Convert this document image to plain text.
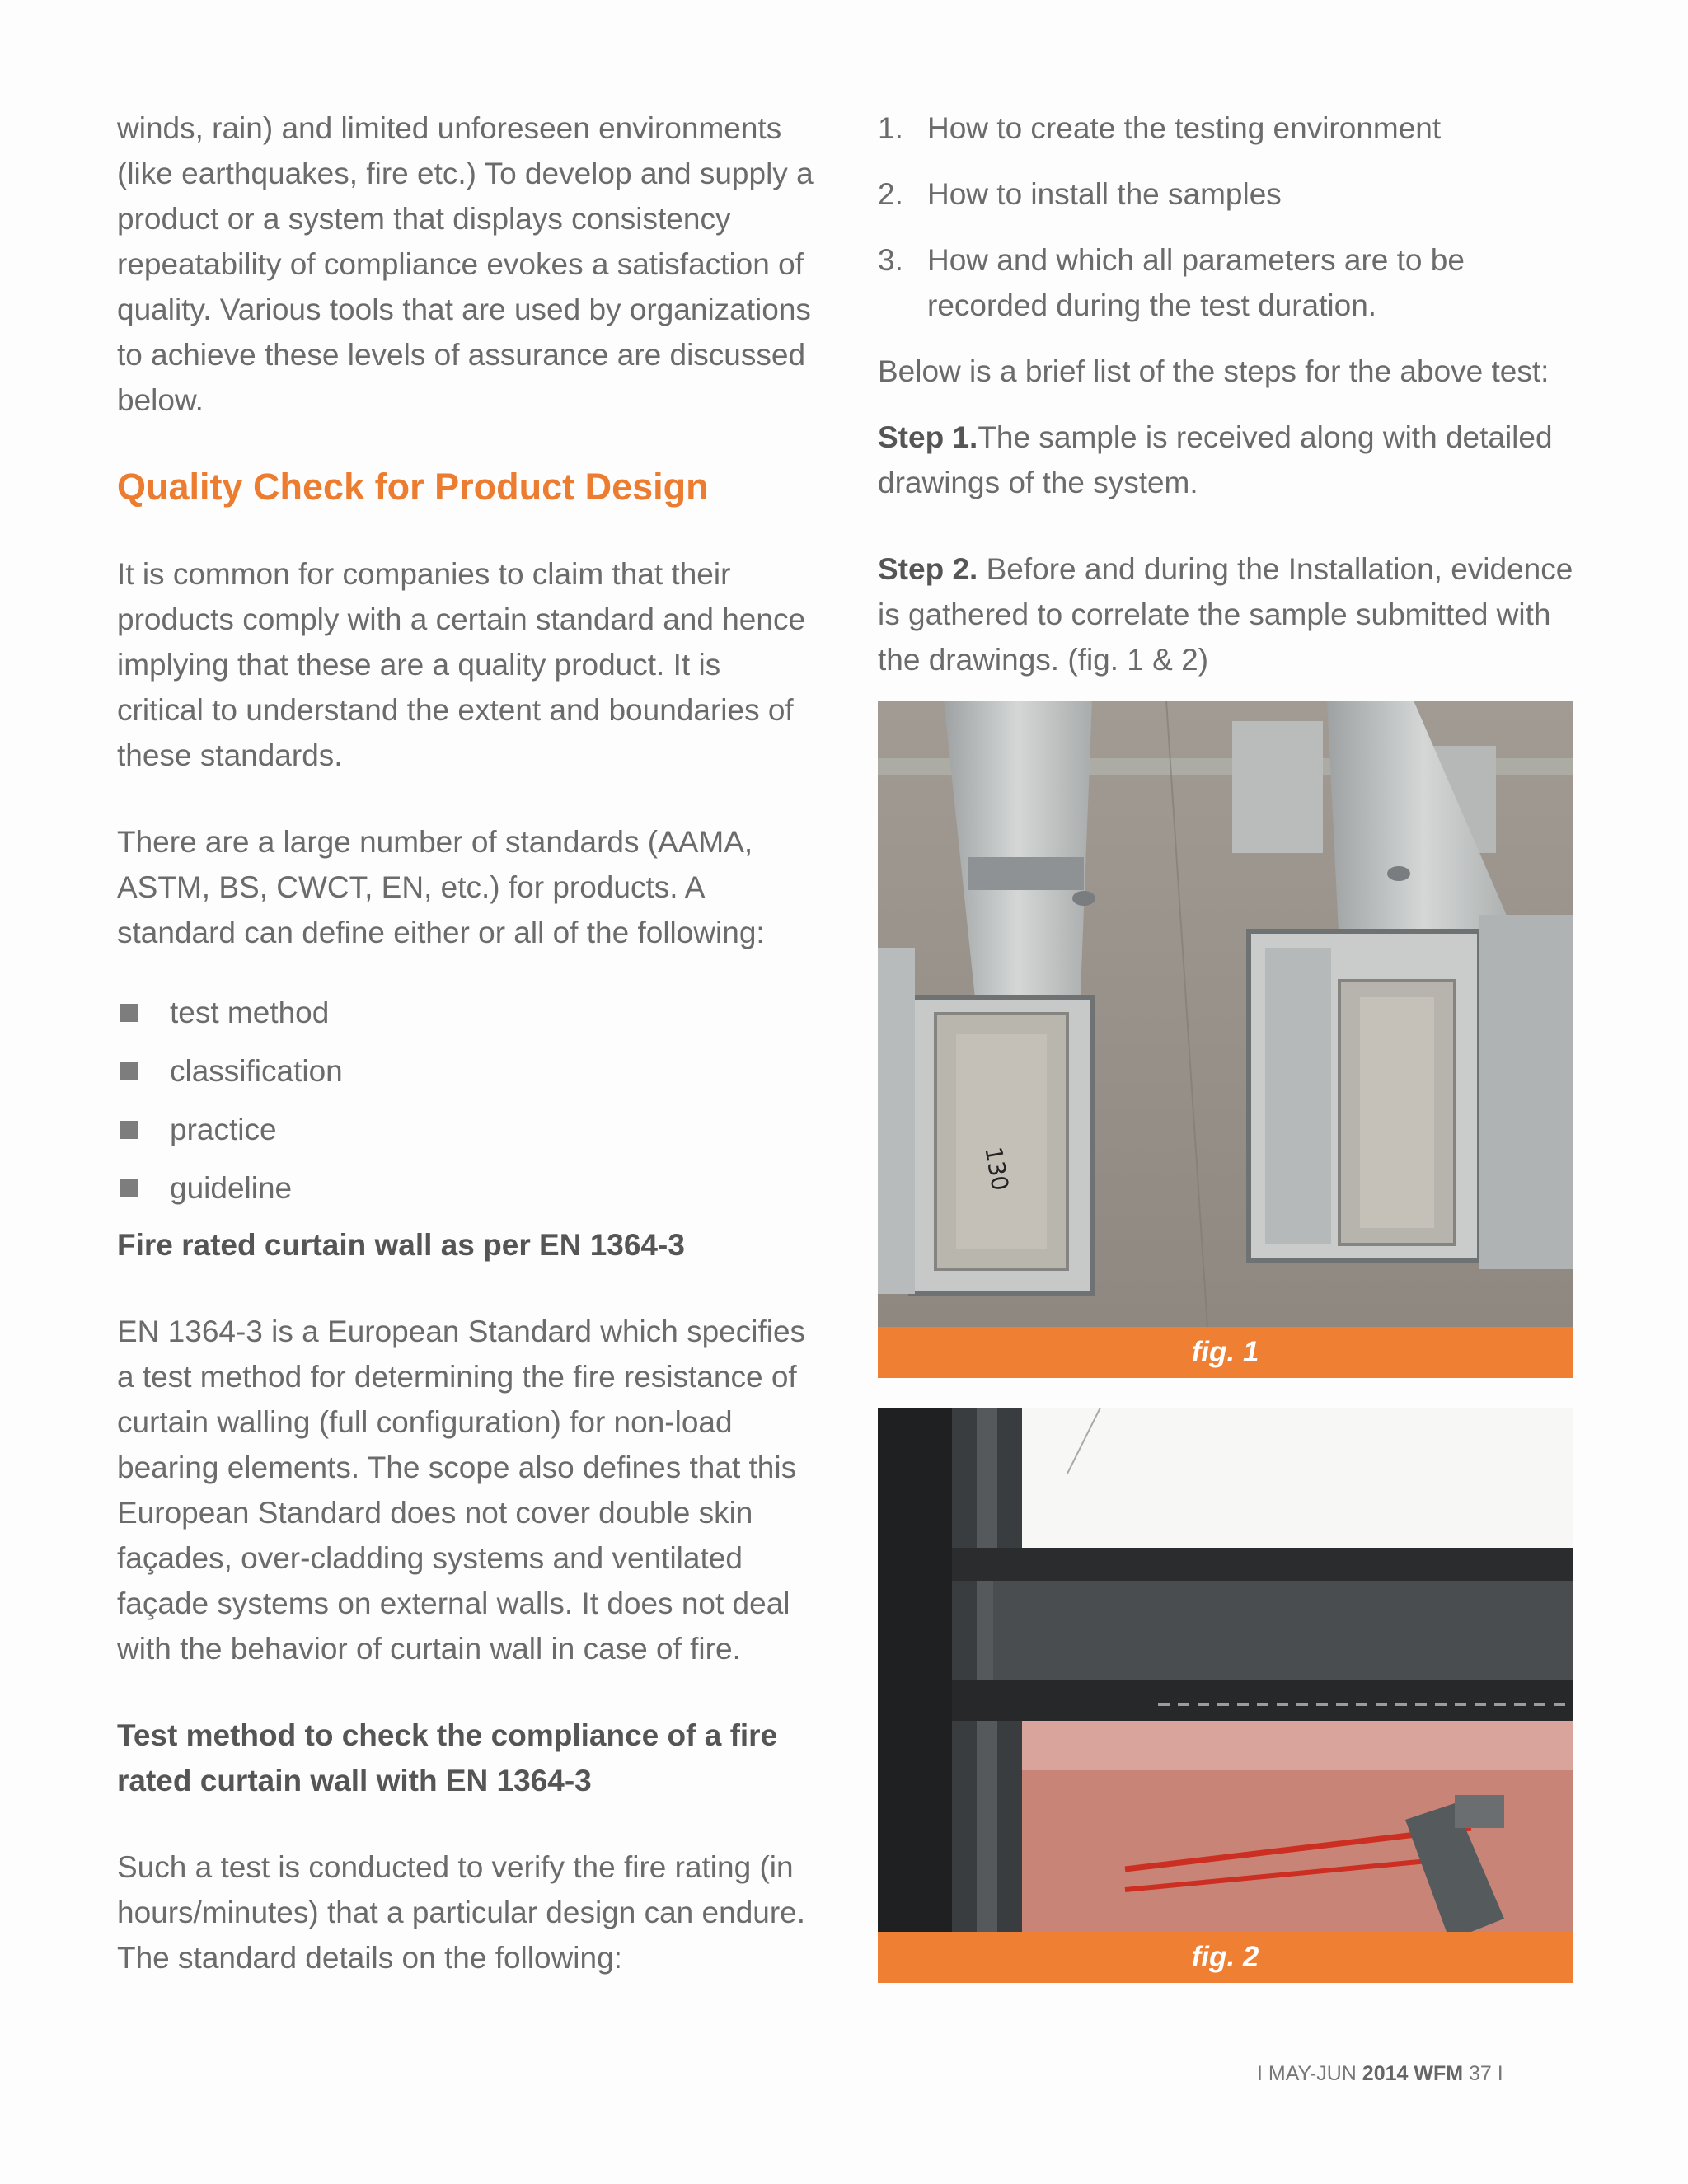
winds, rain) and limited unforeseen environments
(like earthquakes, fire etc.) To develop and supply a
product or a system that displays consistency
repeatability of compliance evokes a satisfaction of
quality. Various tools that are used by organizations
to achieve these levels of assurance are discussed
below.
Quality Check for Product Design
It is common for companies to claim that their
products comply with a certain standard and hence
implying that these are a quality product. It is
critical to understand the extent and boundaries of
these standards.
There are a large number of standards (AAMA,
ASTM, BS, CWCT, EN, etc.) for products. A
standard can define either or all of the following:
test method
classification
practice
guideline
Fire rated curtain wall as per EN 1364-3
EN 1364-3 is a European Standard which specifies
a test method for determining the fire resistance of
curtain walling (full configuration) for non-load
bearing elements. The scope also defines that this
European Standard does not cover double skin
façades, over-cladding systems and ventilated
façade systems on external walls. It does not deal
with the behavior of curtain wall in case of fire.
Test method to check the compliance of a fire
rated curtain wall with EN 1364-3
Such a test is conducted to verify the fire rating (in
hours/minutes) that a particular design can endure.
The standard details on the following:
1. How to create the testing environment
2. How to install the samples
3. How and which all parameters are to be
recorded during the test duration.

Below is a brief list of the steps for the above test:

Step 1.The sample is received along with detailed
drawings of the system.
Step 2. Before and during the Installation, evidence
is gathered to correlate the sample submitted with
the drawings. (fig. 1 & 2)
130
fig. 1
fig. 2
I MAY-JUN 2014 WFM 37 I
